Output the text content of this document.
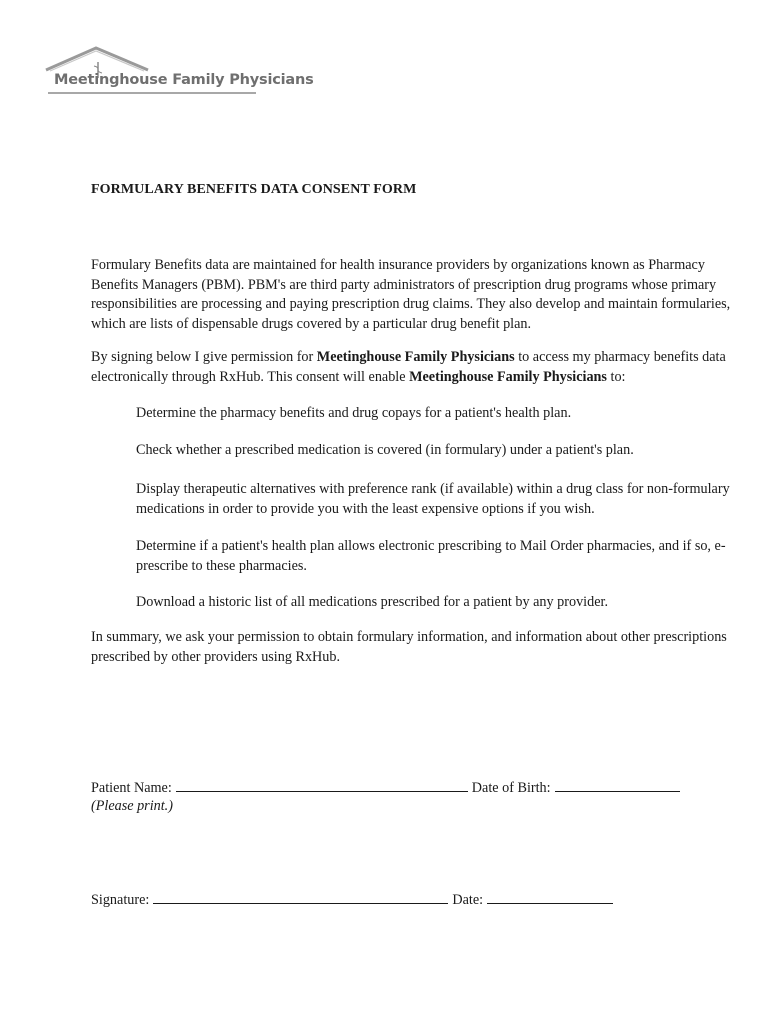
Meetinghouse Family Physicians
FORMULARY BENEFITS DATA CONSENT FORM

Formulary Benefits data are maintained for health insurance providers by organizations known as Pharmacy Benefits Managers (PBM). PBM's are third party administrators of prescription drug programs whose primary responsibilities are processing and paying prescription drug claims. They also develop and maintain formularies, which are lists of dispensable drugs covered by a particular drug benefit plan.

By signing below I give permission for Meetinghouse Family Physicians to access my pharmacy benefits data electronically through RxHub. This consent will enable Meetinghouse Family Physicians to:

Determine the pharmacy benefits and drug copays for a patient's health plan.
Check whether a prescribed medication is covered (in formulary) under a patient's plan.
Display therapeutic alternatives with preference rank (if available) within a drug class for non-formulary medications in order to provide you with the least expensive options if you wish.
Determine if a patient's health plan allows electronic prescribing to Mail Order pharmacies, and if so, e-prescribe to these pharmacies.
Download a historic list of all medications prescribed for a patient by any provider.

In summary, we ask your permission to obtain formulary information, and information about other prescriptions prescribed by other providers using RxHub.

Patient Name:	Date of Birth:
(Please print.)
Signature:	Date:
